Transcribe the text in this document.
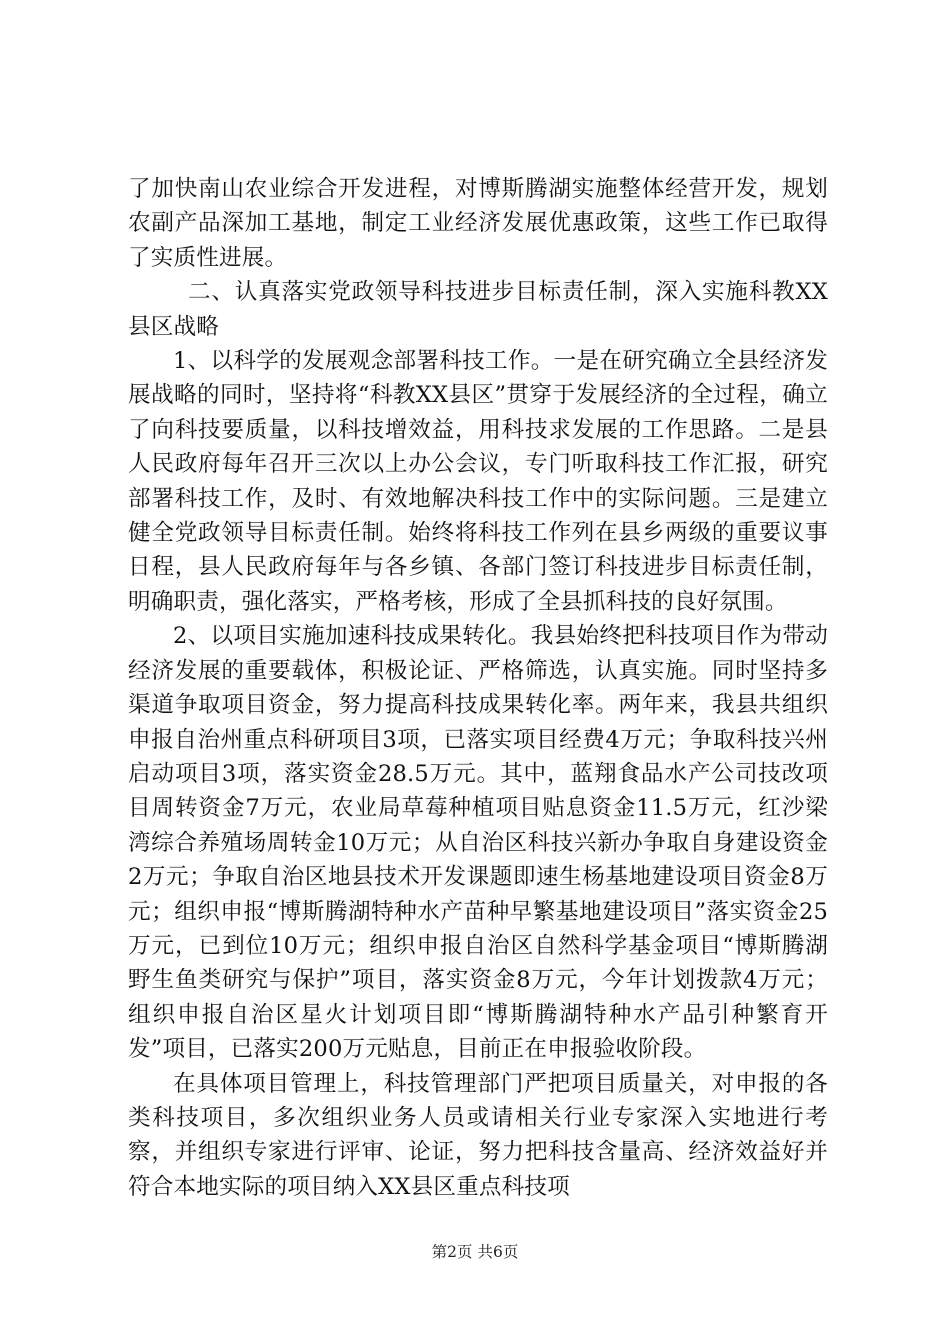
了加快南山农业综合开发进程，对博斯腾湖实施整体经营开发，规划农副产品深加工基地，制定工业经济发展优惠政策，这些工作已取得了实质性进展。

二、认真落实党政领导科技进步目标责任制，深入实施科教XX县区战略

1、以科学的发展观念部署科技工作。一是在研究确立全县经济发展战略的同时，坚持将“科教XX县区”贯穿于发展经济的全过程，确立了向科技要质量，以科技增效益，用科技求发展的工作思路。二是县人民政府每年召开三次以上办公会议，专门听取科技工作汇报，研究部署科技工作，及时、有效地解决科技工作中的实际问题。三是建立健全党政领导目标责任制。始终将科技工作列在县乡两级的重要议事日程，县人民政府每年与各乡镇、各部门签订科技进步目标责任制，明确职责，强化落实，严格考核，形成了全县抓科技的良好氛围。

2、以项目实施加速科技成果转化。我县始终把科技项目作为带动经济发展的重要载体，积极论证、严格筛选，认真实施。同时坚持多渠道争取项目资金，努力提高科技成果转化率。两年来，我县共组织申报自治州重点科研项目3项，已落实项目经费4万元；争取科技兴州启动项目3项，落实资金28.5万元。其中，蓝翔食品水产公司技改项目周转资金7万元，农业局草莓种植项目贴息资金11.5万元，红沙梁湾综合养殖场周转金10万元；从自治区科技兴新办争取自身建设资金2万元；争取自治区地县技术开发课题即速生杨基地建设项目资金8万元；组织申报“博斯腾湖特种水产苗种早繁基地建设项目”落实资金25万元，已到位10万元；组织申报自治区自然科学基金项目“博斯腾湖野生鱼类研究与保护”项目，落实资金8万元，今年计划拨款4万元；组织申报自治区星火计划项目即“博斯腾湖特种水产品引种繁育开发”项目，已落实200万元贴息，目前正在申报验收阶段。

在具体项目管理上，科技管理部门严把项目质量关，对申报的各类科技项目，多次组织业务人员或请相关行业专家深入实地进行考察，并组织专家进行评审、论证，努力把科技含量高、经济效益好并符合本地实际的项目纳入XX县区重点科技项

第2页 共6页
